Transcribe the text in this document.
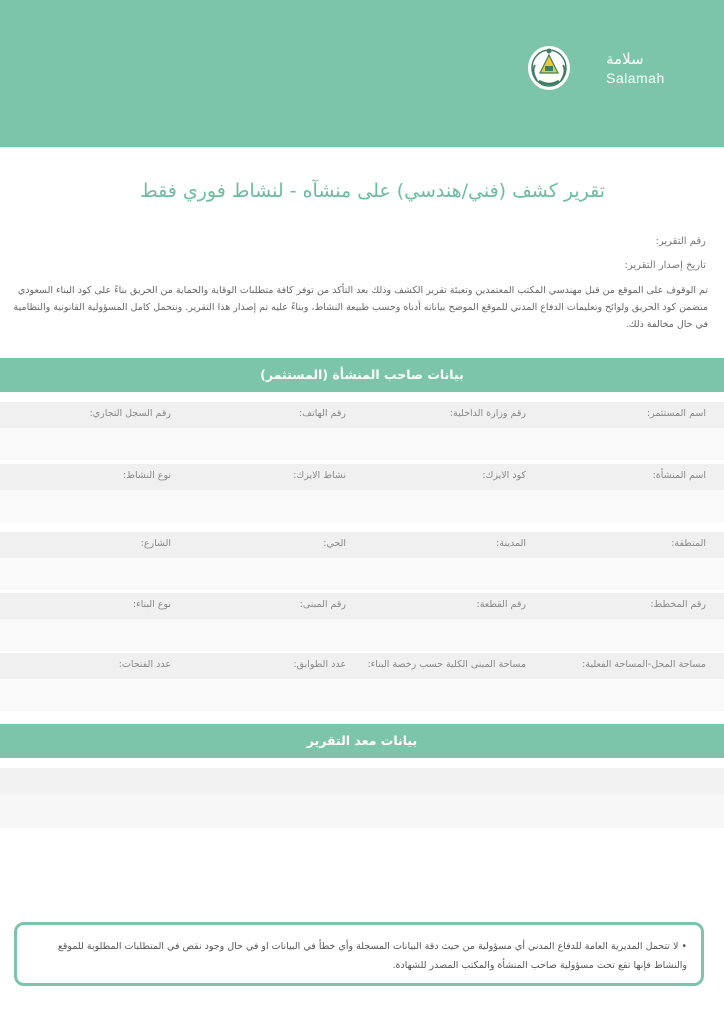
سلامة
Salamah
تقرير كشف (فني/هندسي) على منشآه - لنشاط فوري فقط
رقم التقرير:
تاريخ إصدار التقرير:
تم الوقوف على الموقع من قبل مهندسي المكتب المعتمدين وتعبئة تقرير الكشف وذلك بعد التأكد من توفر كافة متطلبات الوقاية والحماية من الحريق بناءً على كود البناء السعودي متضمن كود الحريق ولوائح وتعليمات الدفاع المدني للموقع الموضح بياناته أدناه وحسب طبيعة النشاط، وبناءً عليه تم إصدار هذا التقرير. ونتحمل كامل المسؤولية القانونية والنظامية في حال مخالفة ذلك.
بيانات صاحب المنشأة (المستثمر)
اسم المستثمر:
رقم وزارة الداخلية:
رقم الهاتف:
رقم السجل التجاري:
اسم المنشأة:
كود الايزك:
نشاط الايزك:
نوع النشاط:
المنطقة:
المدينة:
الحي:
الشارع:
رقم المخطط:
رقم القطعة:
رقم المبنى:
نوع البناء:
مساحة المحل-المساحة الفعلية:
مساحة المبنى الكلية حسب رخصة البناء:
عدد الطوابق:
عدد الفتحات:
بيانات معد التقرير
• لا تتحمل المديرية العامة للدفاع المدني أي مسؤولية من حيث دقة البيانات المسجلة وأي خطأ في البيانات او في حال وجود نقص في المتطلبات المطلوبة للموقع والنشاط فإنها تقع تحت مسؤولية صاحب المنشأة والمكتب المصدر للشهادة.
